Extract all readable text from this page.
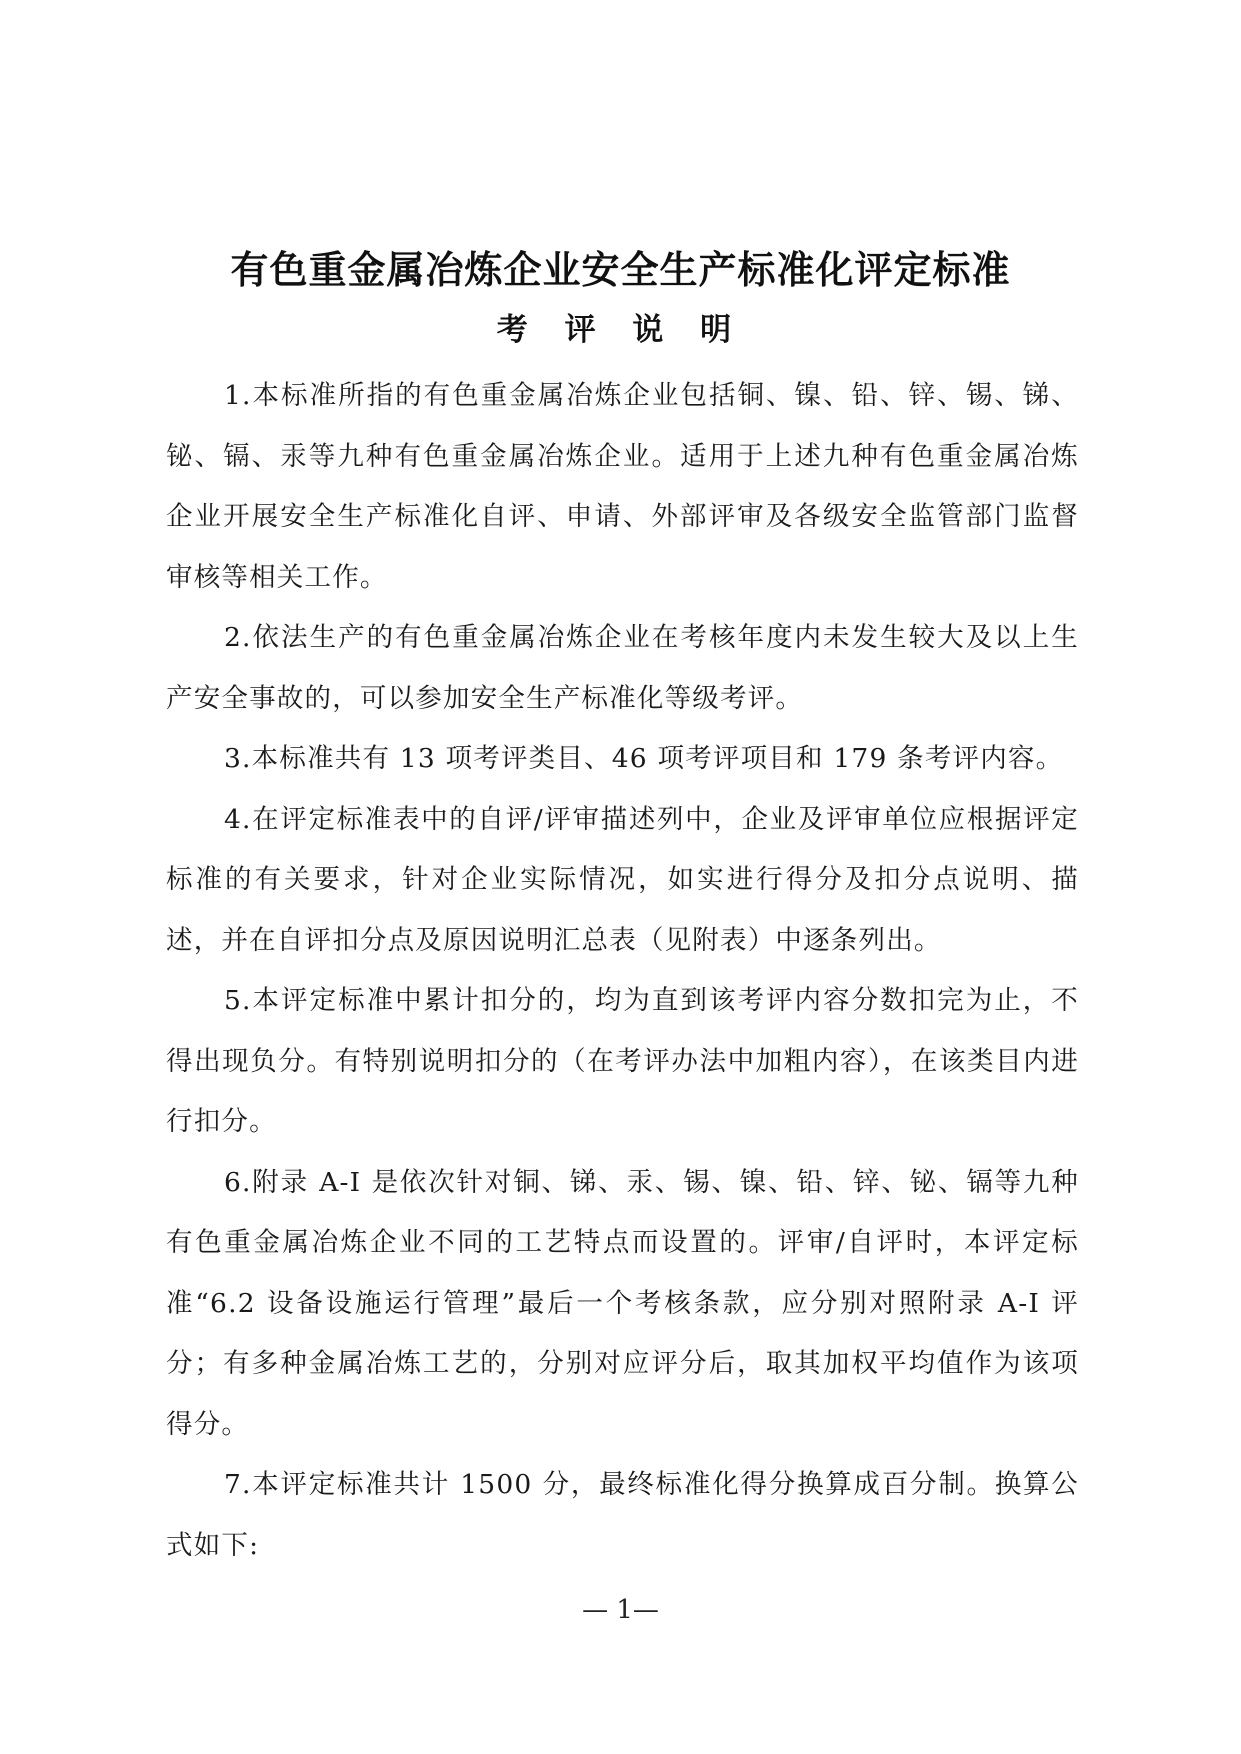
有色重金属冶炼企业安全生产标准化评定标准
考 评 说 明

1.本标准所指的有色重金属冶炼企业包括铜、镍、铅、锌、锡、锑、铋、镉、汞等九种有色重金属冶炼企业。适用于上述九种有色重金属冶炼企业开展安全生产标准化自评、申请、外部评审及各级安全监管部门监督审核等相关工作。

2.依法生产的有色重金属冶炼企业在考核年度内未发生较大及以上生产安全事故的，可以参加安全生产标准化等级考评。

3.本标准共有 13 项考评类目、46 项考评项目和 179 条考评内容。

4.在评定标准表中的自评/评审描述列中，企业及评审单位应根据评定标准的有关要求，针对企业实际情况，如实进行得分及扣分点说明、描述，并在自评扣分点及原因说明汇总表（见附表）中逐条列出。

5.本评定标准中累计扣分的，均为直到该考评内容分数扣完为止，不得出现负分。有特别说明扣分的（在考评办法中加粗内容），在该类目内进行扣分。

6.附录 A-I 是依次针对铜、锑、汞、锡、镍、铅、锌、铋、镉等九种有色重金属冶炼企业不同的工艺特点而设置的。评审/自评时，本评定标准“6.2 设备设施运行管理”最后一个考核条款，应分别对照附录 A-I 评分；有多种金属冶炼工艺的，分别对应评分后，取其加权平均值作为该项得分。

7.本评定标准共计 1500 分，最终标准化得分换算成百分制。换算公式如下:

— 1—
